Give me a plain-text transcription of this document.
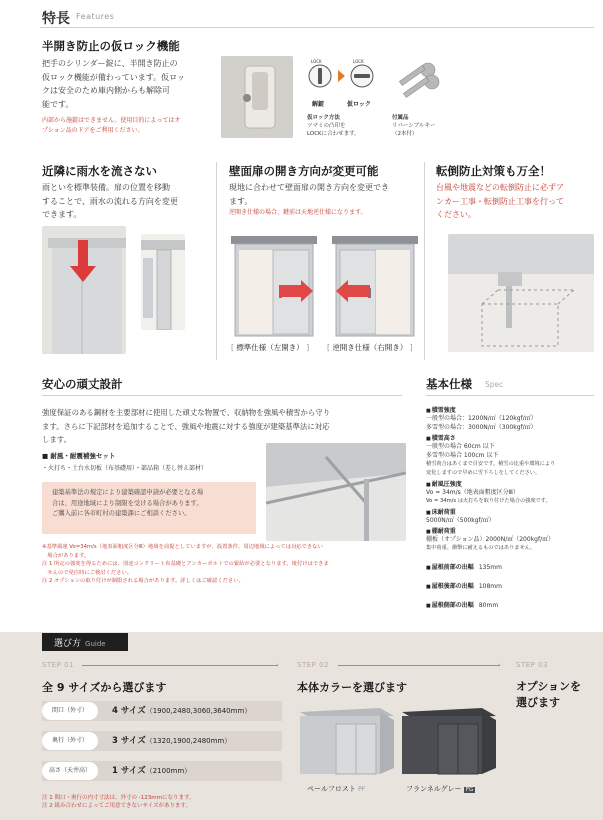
特長 Features
半開き防止の仮ロック機能
把手のシリンダー錠に、半開き防止の
仮ロック機能が備わっています。仮ロッ
クは安全のため庫内側からも解除可
能です。
内部から施錠はできません。使用目的によってはオ
プション品のドアをご利用ください。
LOCK	LOCK
解錠	仮ロック
仮ロック方法
ツマミの凸印を
LOCKに合わせます。
付属品
リバーシブルキー
（2本付）
近隣に雨水を流さない
雨といを標準装備。扉の位置を移動
することで、雨水の流れる方向を変更
できます。
壁面扉の開き方向が変更可能
現地に合わせて壁面扉の開き方向を変更でき
ます。
逆開き仕様の場合、鍵前は天地逆仕様になります。
[ 標準仕様（左開き） ] [ 逆開き仕様（右開き） ]
転倒防止対策も万全！
台風や地震などの転倒防止に必ずア
ンカー工事・転倒防止工事を行って
ください。
安心の頑丈設計
強度保証のある鋼材を主要部材に使用した頑丈な物置で、収納物を強風や積雪から守り
ます。さらに下記部材を追加することで、強風や地震に対する強度が建築基準法に対応
します。
■ 耐風・耐震補強セット
・火打ち・土台水切板（布基礎用）・部品箱（差し替え部材）
建築基準法の規定により建築確認申請が必要となる場
合は、用途地域により制限を受ける場合があります。
ご購入前に各市町村の建築課にご相談ください。
※基準風速 Vo=34m/s（地表面粗度区分Ⅲ）地域を前提としていますが、設置条件、周辺地域によっては対応できない
　場合があります。
注 1 所定の強度を得るためには、別途コンクリート布基礎とアンカーボルトでの緊結が必要となります。後付けはできま
　せんので発注時にご検討ください。
注 2 オプションの取り付けが制限される場合があります。詳しくはご確認ください。
基本仕様 Spec
■ 積雪強度
一般型の場合：1200N/㎡（120kgf/㎡）
多雪型の場合：3000N/㎡（300kgf/㎡）
■ 積雪高さ
一般型の場合 60cm 以下
多雪型の場合 100cm 以下
積雪荷合はあくまで目安です。積雪の比重や環境により
変化しますので早めに雪下ろしをしてください。
■ 耐風圧強度
Vo = 34m/s（地表面粗度区分Ⅲ）
Vo = 34m/s は火打ちを取り付けた場合の強度です。
■ 床耐荷重
5000N/㎡（500kgf/㎡）
■ 棚耐荷重
棚板（オプション品）2000N/㎡（200kgf/㎡）
集中荷重、衝撃に耐えるものではありません。
■ 屋根前部の出幅 135mm
■ 屋根後部の出幅 108mm
■ 屋根側部の出幅 80mm
選び方 Guide
STEP 01	›
全 9 サイズから選びます
間口（外寸）	4 サイズ（1900,2480,3060,3640mm）
奥行（外寸）	3 サイズ（1320,1900,2480mm）
高さ（天井高）	1 サイズ（2100mm）
注 1 間口・奥行の内寸寸法は、外寸の -123mmになります。
注 2 組み合わせによってご用意できないサイズがあります。
STEP 02	›
本体カラーを選びます
ペールフロスト PF	フランネルグレー FG
STEP 03
オプションを
選びます
